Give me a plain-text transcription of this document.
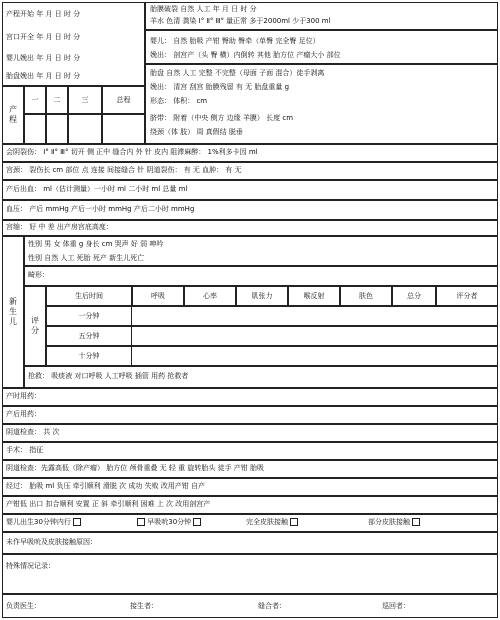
产程开始 年 月 日 时 分
宫口开全 年 月 日 时 分
婴儿娩出 年 月 日 时 分
胎盘娩出 年 月 日 时 分
胎膜破裂 自然 人工 年 月 日 时 分
羊水 色清 粪染 Ⅰ° Ⅱ° Ⅲ° 量正常 多于2000ml 少于300 ml
婴儿： 自然 胎吸 产钳 臀助 臀牵（单臀 完全臀 足位）
娩出： 剖宫产（头 臀 横）内倒转 其他 胎方位 产瘤大小 部位
胎盘 自然 人工 完整 不完整（母面 子面 混合）徒手剥离
娩出： 清宫 刮宫 胎膜残留 有 无 胎盘重量 g
形态： 体积： cm
脐带： 附着（中央 侧方 边缘 羊膜） 长度 cm
绕颈（体 肢） 周 真假结 脱垂
产程
一	二	三	总程
会阴裂伤： Ⅰ° Ⅱ° Ⅲ° 切开 侧 正中 缝合内 外 针 皮内 阻滞麻醉： 1%利多卡因 ml
宫颈： 裂伤长 cm 部位 点 连接 间接缝合 针 阴道裂伤： 有 无 血肿： 有 无
产后出血： ml（估计测量）一小时 ml 二小时 ml 总量 ml
血压： 产后 mmHg 产后一小时 mmHg 产后二小时 mmHg
宫缩： 好 中 差 出产房宫底高度：
新生儿
性别 男 女 体重 g 身长 cm 哭声 好 弱 呻吟
性别 自然 人工 死胎 死产 新生儿死亡
畸形：
评分
生后时间	呼吸	心率	肌张力	喉反射	肤色	总分	评分者
一分钟
五分钟
十分钟
抢救： 吸痰液 对口呼吸 人工呼吸 插管 用药 抢救者
产时用药：
产后用药：
阴道检查： 共 次
手术： 指征
阴道检查：先露高低（除产瘤） 胎方位 颅骨重叠 无 轻 重 旋转胎头 徒手 产钳 胎吸
经过： 胎吸 ml 负压 牵引顺利 滑脱 次 成功 失败 改用产钳 自产
产钳低 出口 扣合顺利 安置 正 斜 牵引顺利 困难 上 次 改用剖宫产
婴儿出生30分钟内行	早吸吮30分钟	完全皮肤接触	部分皮肤接触
未作早吸吮及皮肤接触原因：
特殊情况记录：
负责医生：	接生者：	缝合者：	巡回者：
